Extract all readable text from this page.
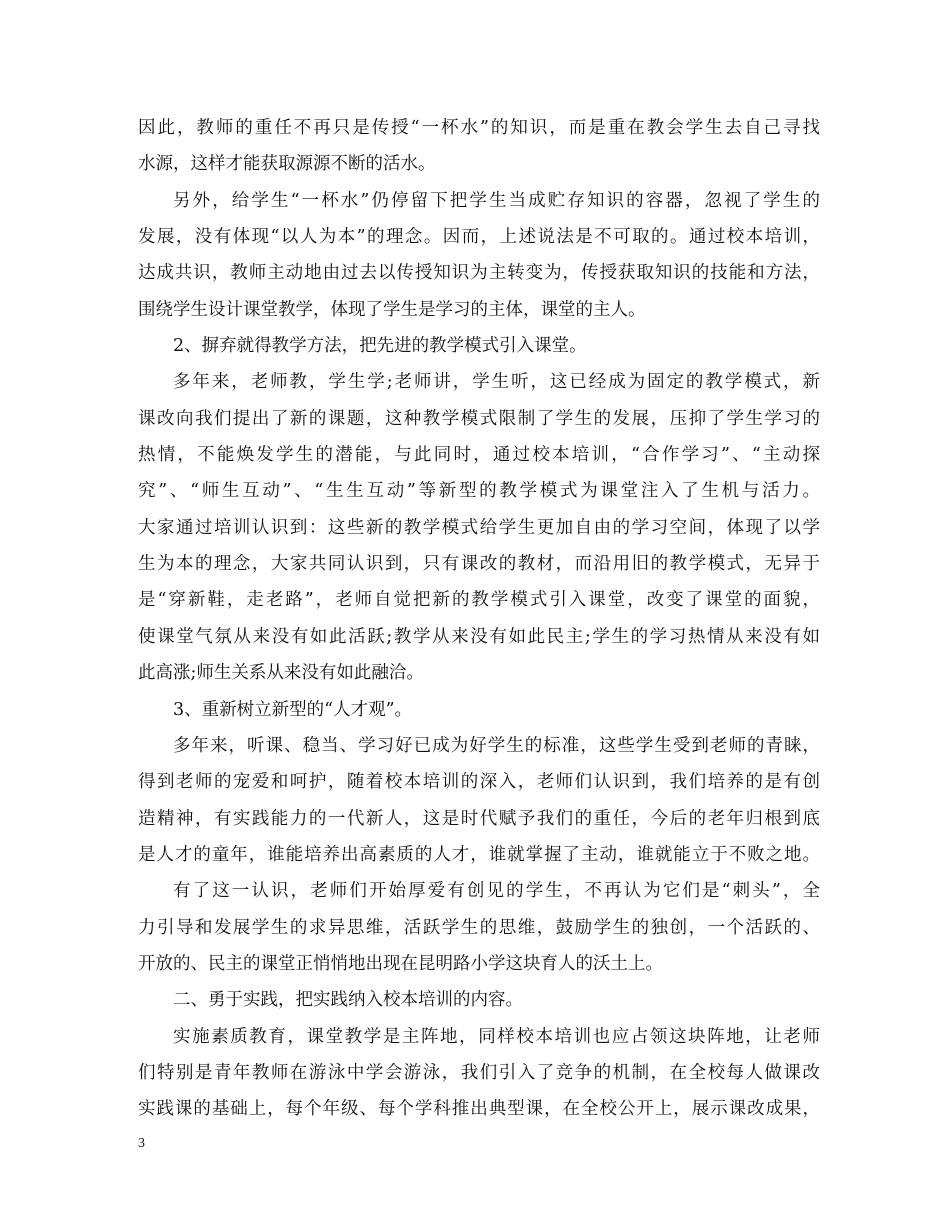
因此，教师的重任不再只是传授“一杯水”的知识，而是重在教会学生去自己寻找
水源，这样才能获取源源不断的活水。
另外，给学生“一杯水”仍停留下把学生当成贮存知识的容器，忽视了学生的
发展，没有体现“以人为本”的理念。因而，上述说法是不可取的。通过校本培训，
达成共识，教师主动地由过去以传授知识为主转变为，传授获取知识的技能和方法，
围绕学生设计课堂教学，体现了学生是学习的主体，课堂的主人。
2、摒弃就得教学方法，把先进的教学模式引入课堂。
多年来，老师教，学生学;老师讲，学生听，这已经成为固定的教学模式，新
课改向我们提出了新的课题，这种教学模式限制了学生的发展，压抑了学生学习的
热情，不能焕发学生的潜能，与此同时，通过校本培训，“合作学习”、“主动探
究”、“师生互动”、“生生互动”等新型的教学模式为课堂注入了生机与活力。
大家通过培训认识到：这些新的教学模式给学生更加自由的学习空间，体现了以学
生为本的理念，大家共同认识到，只有课改的教材，而沿用旧的教学模式，无异于
是“穿新鞋，走老路”，老师自觉把新的教学模式引入课堂，改变了课堂的面貌，
使课堂气氛从来没有如此活跃;教学从来没有如此民主;学生的学习热情从来没有如
此高涨;师生关系从来没有如此融洽。
3、重新树立新型的“人才观”。
多年来，听课、稳当、学习好已成为好学生的标准，这些学生受到老师的青睐，
得到老师的宠爱和呵护，随着校本培训的深入，老师们认识到，我们培养的是有创
造精神，有实践能力的一代新人，这是时代赋予我们的重任，今后的老年归根到底
是人才的童年，谁能培养出高素质的人才，谁就掌握了主动，谁就能立于不败之地。
有了这一认识，老师们开始厚爱有创见的学生，不再认为它们是“刺头”，全
力引导和发展学生的求异思维，活跃学生的思维，鼓励学生的独创，一个活跃的、
开放的、民主的课堂正悄悄地出现在昆明路小学这块育人的沃土上。
二、勇于实践，把实践纳入校本培训的内容。
实施素质教育，课堂教学是主阵地，同样校本培训也应占领这块阵地，让老师
们特别是青年教师在游泳中学会游泳，我们引入了竞争的机制，在全校每人做课改
实践课的基础上，每个年级、每个学科推出典型课，在全校公开上，展示课改成果，
3
